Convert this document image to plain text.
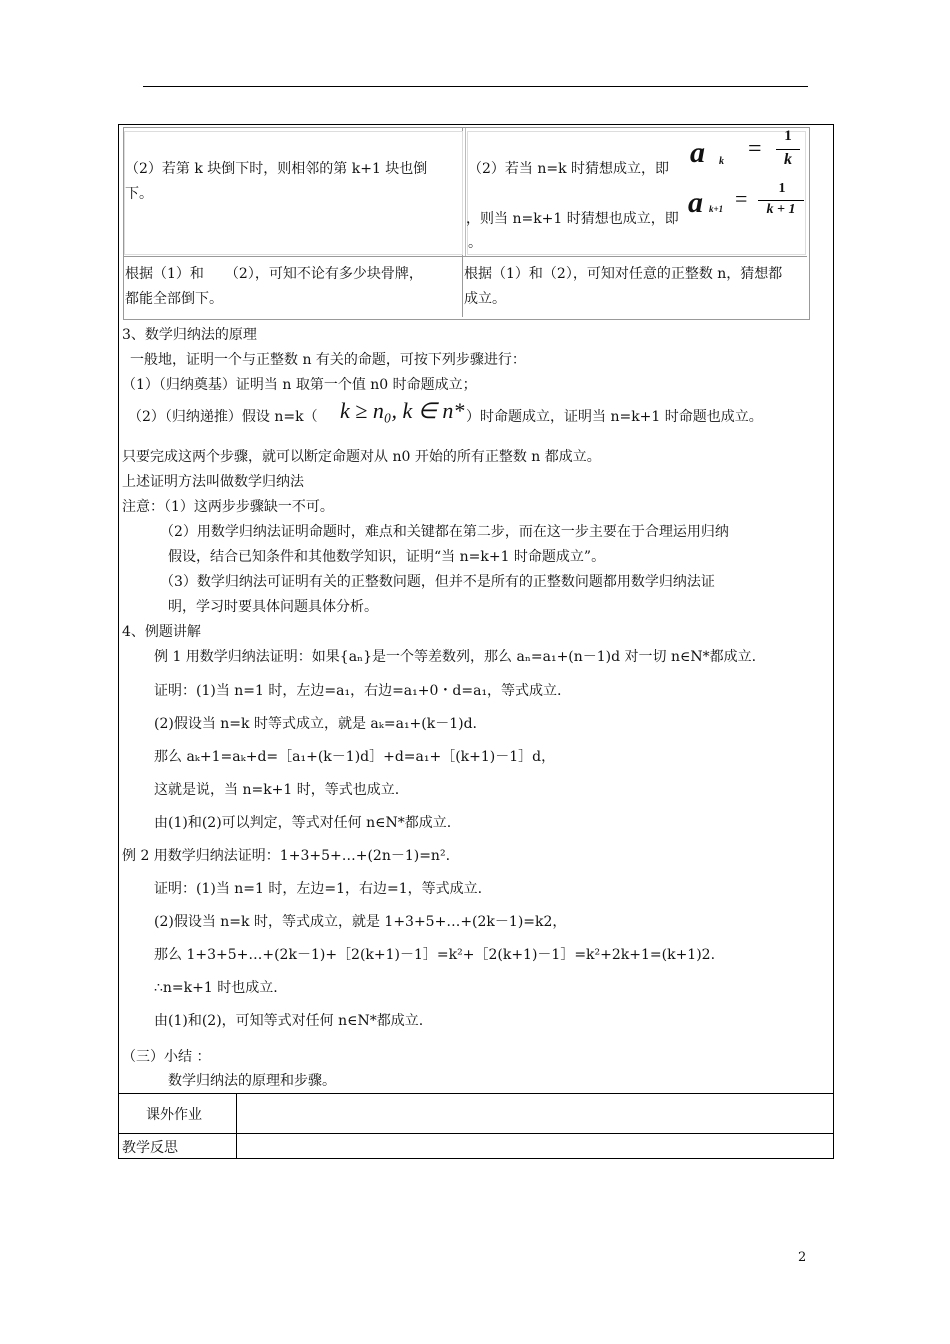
（2）若第 k 块倒下时，则相邻的第 k+1 块也倒
下。
（2）若当 n=k 时猜想成立，即
，则当 n=k+1 时猜想也成立，即
。
a k =	1
k
a k+1 =	1
k + 1
根据（1）和　　（2），可知不论有多少块骨牌，
都能全部倒下。
根据（1）和（2），可知对任意的正整数 n，猜想都
成立。
3、数学归纳法的原理
一般地，证明一个与正整数 n 有关的命题，可按下列步骤进行：
（1）（归纳奠基）证明当 n 取第一个值 n0 时命题成立；
（2）（归纳递推）假设 n=k（ k ≥ n₀, k ∈ n* ）时命题成立，证明当 n=k+1 时命题也成立。
只要完成这两个步骤，就可以断定命题对从 n0 开始的所有正整数 n 都成立。
上述证明方法叫做数学归纳法
注意：（1）这两步步骤缺一不可。
（2）用数学归纳法证明命题时，难点和关键都在第二步，而在这一步主要在于合理运用归纳
假设，结合已知条件和其他数学知识，证明“当 n=k+1 时命题成立”。
（3）数学归纳法可证明有关的正整数问题，但并不是所有的正整数问题都用数学归纳法证
明，学习时要具体问题具体分析。
4、例题讲解
例 1 用数学归纳法证明：如果{aₙ}是一个等差数列，那么 aₙ=a₁+(n－1)d 对一切 n∈N*都成立.
证明：(1)当 n=1 时，左边=a₁，右边=a₁+0・d=a₁，等式成立.
(2)假设当 n=k 时等式成立，就是 aₖ=a₁+(k－1)d.
那么 aₖ+1=aₖ+d=［a₁+(k－1)d］+d=a₁+［(k+1)－1］d，
这就是说，当 n=k+1 时，等式也成立.
由(1)和(2)可以判定，等式对任何 n∈N*都成立.
例 2 用数学归纳法证明：1+3+5+…+(2n－1)=n².
证明：(1)当 n=1 时，左边=1，右边=1，等式成立.
(2)假设当 n=k 时，等式成立，就是 1+3+5+…+(2k－1)=k2，
那么 1+3+5+…+(2k－1)+［2(k+1)－1］=k²+［2(k+1)－1］=k²+2k+1=(k+1)2.
∴n=k+1 时也成立.
由(1)和(2)，可知等式对任何 n∈N*都成立.
（三）小结 ：
数学归纳法的原理和步骤。
课外作业
教学反思
2
